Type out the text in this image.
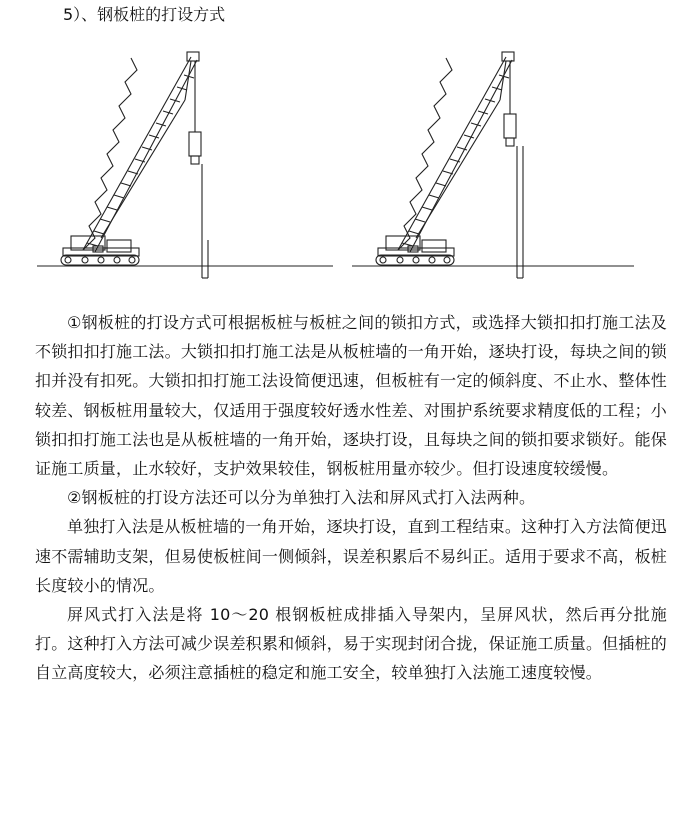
5）、钢板桩的打设方式

①钢板桩的打设方式可根据板桩与板桩之间的锁扣方式，或选择大锁扣扣打施工法及不锁扣扣打施工法。大锁扣扣打施工法是从板桩墙的一角开始，逐块打设，每块之间的锁扣并没有扣死。大锁扣扣打施工法设简便迅速，但板桩有一定的倾斜度、不止水、整体性较差、钢板桩用量较大，仅适用于强度较好透水性差、对围护系统要求精度低的工程；小锁扣扣打施工法也是从板桩墙的一角开始，逐块打设，且每块之间的锁扣要求锁好。能保证施工质量，止水较好，支护效果较佳，钢板桩用量亦较少。但打设速度较缓慢。

②钢板桩的打设方法还可以分为单独打入法和屏风式打入法两种。

单独打入法是从板桩墙的一角开始，逐块打设，直到工程结束。这种打入方法简便迅速不需辅助支架，但易使板桩间一侧倾斜，误差积累后不易纠正。适用于要求不高，板桩长度较小的情况。

屏风式打入法是将 10～20 根钢板桩成排插入导架内，呈屏风状，然后再分批施打。这种打入方法可减少误差积累和倾斜，易于实现封闭合拢，保证施工质量。但插桩的自立高度较大，必须注意插桩的稳定和施工安全，较单独打入法施工速度较慢。
